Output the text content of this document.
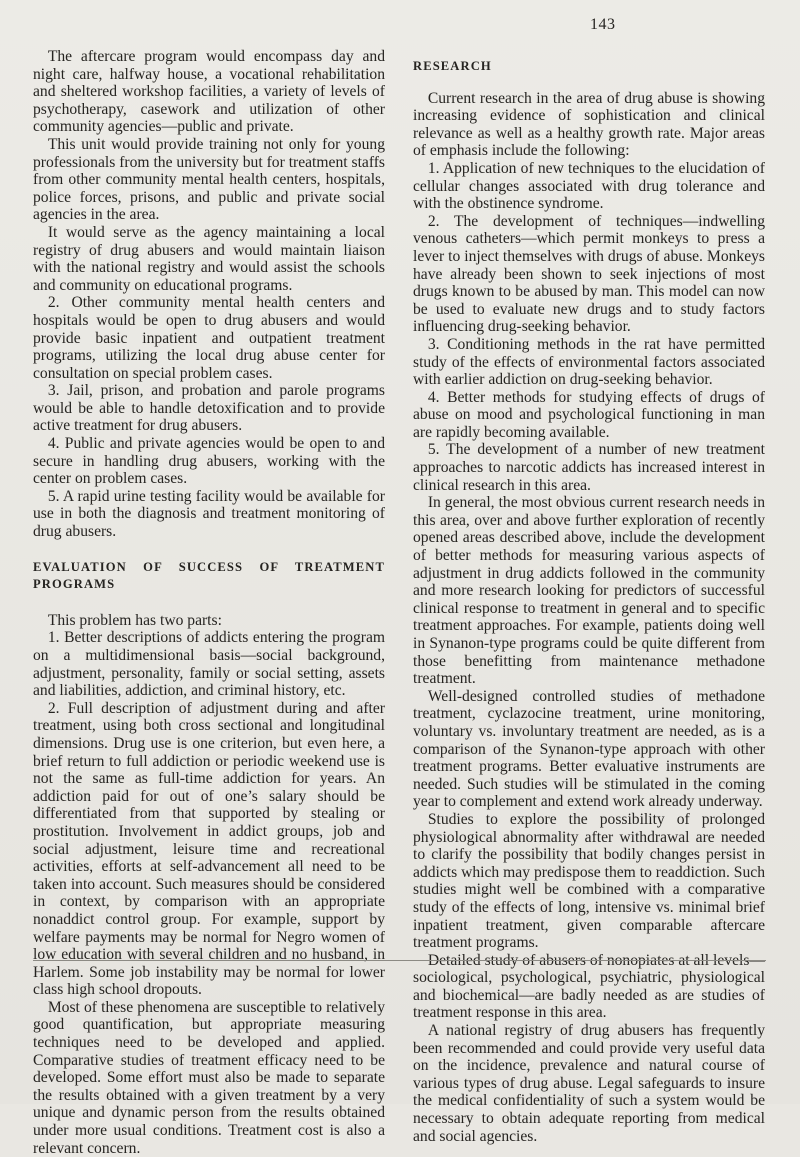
143

The aftercare program would encompass day and night care, halfway house, a vocational rehabilitation and sheltered workshop facilities, a variety of levels of psychotherapy, casework and utilization of other community agencies—public and private.

This unit would provide training not only for young professionals from the university but for treatment staffs from other community mental health centers, hospitals, police forces, prisons, and public and private social agencies in the area.

It would serve as the agency maintaining a local registry of drug abusers and would maintain liaison with the national registry and would assist the schools and community on educational programs.

2. Other community mental health centers and hospitals would be open to drug abusers and would provide basic inpatient and outpatient treatment programs, utilizing the local drug abuse center for consultation on special problem cases.

3. Jail, prison, and probation and parole programs would be able to handle detoxification and to provide active treatment for drug abusers.

4. Public and private agencies would be open to and secure in handling drug abusers, working with the center on problem cases.

5. A rapid urine testing facility would be available for use in both the diagnosis and treatment monitoring of drug abusers.

EVALUATION OF SUCCESS OF TREATMENT PROGRAMS

This problem has two parts:

1. Better descriptions of addicts entering the program on a multidimensional basis—social background, adjustment, personality, family or social setting, assets and liabilities, addiction, and criminal history, etc.

2. Full description of adjustment during and after treatment, using both cross sectional and longitudinal dimensions. Drug use is one criterion, but even here, a brief return to full addiction or periodic weekend use is not the same as full-time addiction for years. An addiction paid for out of one’s salary should be differentiated from that supported by stealing or prostitution. Involvement in addict groups, job and social adjustment, leisure time and recreational activities, efforts at self-advancement all need to be taken into account. Such measures should be considered in context, by comparison with an appropriate nonaddict control group. For example, support by welfare payments may be normal for Negro women of low education with several children and no husband, in Harlem. Some job instability may be normal for lower class high school dropouts.

Most of these phenomena are susceptible to relatively good quantification, but appropriate measuring techniques need to be developed and applied. Comparative studies of treatment efficacy need to be developed. Some effort must also be made to separate the results obtained with a given treatment by a very unique and dynamic person from the results obtained under more usual conditions. Treatment cost is also a relevant concern.

RESEARCH

Current research in the area of drug abuse is showing increasing evidence of sophistication and clinical relevance as well as a healthy growth rate. Major areas of emphasis include the following:

1. Application of new techniques to the elucidation of cellular changes associated with drug tolerance and with the obstinence syndrome.

2. The development of techniques—indwelling venous catheters—which permit monkeys to press a lever to inject themselves with drugs of abuse. Monkeys have already been shown to seek injections of most drugs known to be abused by man. This model can now be used to evaluate new drugs and to study factors influencing drug-seeking behavior.

3. Conditioning methods in the rat have permitted study of the effects of environmental factors associated with earlier addiction on drug-seeking behavior.

4. Better methods for studying effects of drugs of abuse on mood and psychological functioning in man are rapidly becoming available.

5. The development of a number of new treatment approaches to narcotic addicts has increased interest in clinical research in this area.

In general, the most obvious current research needs in this area, over and above further exploration of recently opened areas described above, include the development of better methods for measuring various aspects of adjustment in drug addicts followed in the community and more research looking for predictors of successful clinical response to treatment in general and to specific treatment approaches. For example, patients doing well in Synanon-type programs could be quite different from those benefitting from maintenance methadone treatment.

Well-designed controlled studies of methadone treatment, cyclazocine treatment, urine monitoring, voluntary vs. involuntary treatment are needed, as is a comparison of the Synanon-type approach with other treatment programs. Better evaluative instruments are needed. Such studies will be stimulated in the coming year to complement and extend work already underway.

Studies to explore the possibility of prolonged physiological abnormality after withdrawal are needed to clarify the possibility that bodily changes persist in addicts which may predispose them to readdiction. Such studies might well be combined with a comparative study of the effects of long, intensive vs. minimal brief inpatient treatment, given comparable aftercare treatment programs.

Detailed study of abusers of nonopiates at all levels—sociological, psychological, psychiatric, physiological and biochemical—are badly needed as are studies of treatment response in this area.

A national registry of drug abusers has frequently been recommended and could provide very useful data on the incidence, prevalence and natural course of various types of drug abuse. Legal safeguards to insure the medical confidentiality of such a system would be necessary to obtain adequate reporting from medical and social agencies.
